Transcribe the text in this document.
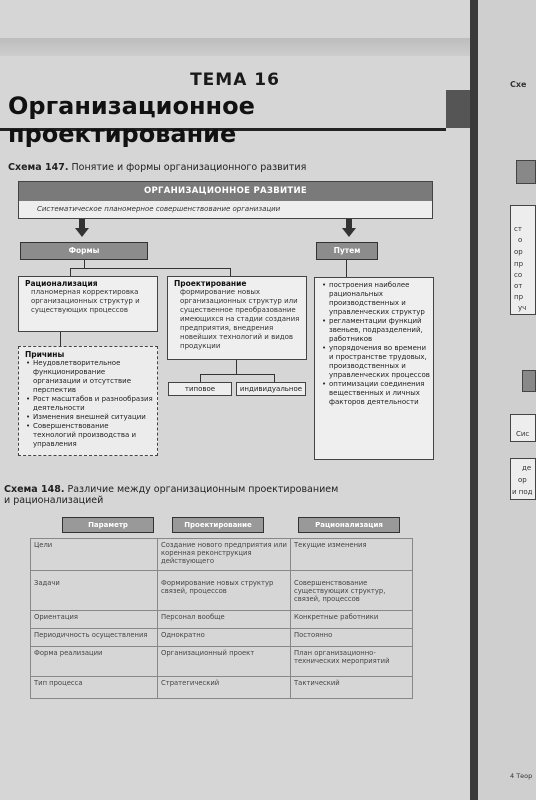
ТЕМА 16
Организационное проектирование
Схема 147. Понятие и формы организационного развития
ОРГАНИЗАЦИОННОЕ РАЗВИТИЕ
Систематическое планомерное совершенствование организации
Формы	Путем
Рационализация
планомерная корректировка организационных структур и существующих процессов
Проектирование
формирование новых организационных структур или существенное преобразование имеющихся на стадии создания предприятия, внедрения новейших технологий и видов продукции
типовое	индивидуальное
Причины
• Неудовлетворительное функционирование организации и отсутствие перспектив
• Рост масштабов и разнообразия деятельности
• Изменения внешней ситуации
• Совершенствование технологий производства и управления
• построения наиболее рациональных производственных и управленческих структур
• регламентации функций звеньев, подразделений, работников
• упорядочения во времени и пространстве трудовых, производственных и управленческих процессов
• оптимизации соединения вещественных и личных факторов деятельности
Схема 148. Различие между организационным проектированием
и рационализацией
Параметр	Проектирование	Рационализация
Цели	Создание нового предприятия или коренная реконструкция действующего	Текущие изменения
Задачи	Формирование новых структур связей, процессов	Совершенствование существующих структур, связей, процессов
Ориентация	Персонал вообще	Конкретные работники
Периодичность осуществления	Однократно	Постоянно
Форма реализации	Организационный проект	План организационно-технических мероприятий
Тип процесса	Стратегический	Тактический
Схе
ст
о
ор
пр
со
от
пр
уч
Сис
де
ор
и под
4 Теор
